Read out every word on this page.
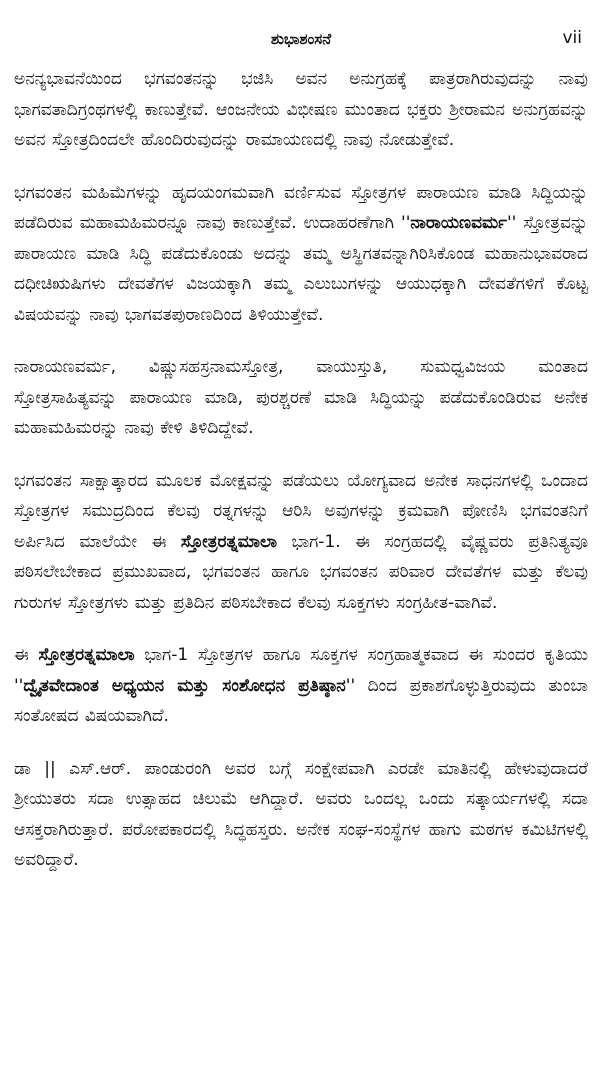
ಶುಭಾಶಂಸನೆ	vii

ಅನನ್ಯಭಾವನೆಯಿಂದ ಭಗವಂತನನ್ನು ಭಜಿಸಿ ಅವನ ಅನುಗ್ರಹಕ್ಕೆ ಪಾತ್ರರಾಗಿರುವುದನ್ನು ನಾವು ಭಾಗವತಾದಿಗ್ರಂಥಗಳಲ್ಲಿ ಕಾಣುತ್ತೇವೆ. ಆಂಜನೇಯ ವಿಭೀಷಣ ಮುಂತಾದ ಭಕ್ತರು ಶ್ರೀರಾಮನ ಅನುಗ್ರಹವನ್ನು ಅವನ ಸ್ತೋತ್ರದಿಂದಲೇ ಹೊಂದಿರುವುದನ್ನು ರಾಮಾಯಣದಲ್ಲಿ ನಾವು ನೋಡುತ್ತೇವೆ.

ಭಗವಂತನ ಮಹಿಮೆಗಳನ್ನು ಹೃದಯಂಗಮವಾಗಿ ವರ್ಣಿಸುವ ಸ್ತೋತ್ರಗಳ ಪಾರಾಯಣ ಮಾಡಿ ಸಿದ್ಧಿಯನ್ನು ಪಡೆದಿರುವ ಮಹಾಮಹಿಮರನ್ನೂ ನಾವು ಕಾಣುತ್ತೇವೆ. ಉದಾಹರಣೆಗಾಗಿ ''ನಾರಾಯಣವರ್ಮ'' ಸ್ತೋತ್ರವನ್ನು ಪಾರಾಯಣ ಮಾಡಿ ಸಿದ್ಧಿ ಪಡೆದುಕೊಂಡು ಅದನ್ನು ತಮ್ಮ ಅಸ್ಥಿಗತವನ್ನಾಗಿರಿಸಿಕೊಂಡ ಮಹಾನುಭಾವರಾದ ದಧೀಚಿಋಷಿಗಳು ದೇವತೆಗಳ ವಿಜಯಕ್ಕಾಗಿ ತಮ್ಮ ಎಲುಬುಗಳನ್ನು ಆಯುಧಕ್ಕಾಗಿ ದೇವತೆಗಳಿಗೆ ಕೊಟ್ಟ ವಿಷಯವನ್ನು ನಾವು ಭಾಗವತಪುರಾಣದಿಂದ ತಿಳಿಯುತ್ತೇವೆ.

ನಾರಾಯಣವರ್ಮ, ವಿಷ್ಣುಸಹಸ್ರನಾಮಸ್ತೋತ್ರ, ವಾಯುಸ್ತುತಿ, ಸುಮಧ್ವವಿಜಯ ಮಂತಾದ ಸ್ತೋತ್ರಸಾಹಿತ್ಯವನ್ನು ಪಾರಾಯಣ ಮಾಡಿ, ಪುರಶ್ಚರಣೆ ಮಾಡಿ ಸಿದ್ಧಿಯನ್ನು ಪಡೆದುಕೊಂಡಿರುವ ಅನೇಕ ಮಹಾಮಹಿಮರನ್ನು ನಾವು ಕೇಳಿ ತಿಳಿದಿದ್ದೇವೆ.

ಭಗವಂತನ ಸಾಕ್ಷಾತ್ಕಾರದ ಮೂಲಕ ಮೋಕ್ಷವನ್ನು ಪಡೆಯಲು ಯೋಗ್ಯವಾದ ಅನೇಕ ಸಾಧನಗಳಲ್ಲಿ ಒಂದಾದ ಸ್ತೋತ್ರಗಳ ಸಮುದ್ರದಿಂದ ಕೆಲವು ರತ್ನಗಳನ್ನು ಆರಿಸಿ ಅವುಗಳನ್ನು ಕ್ರಮವಾಗಿ ಪೋಣಿಸಿ ಭಗವಂತನಿಗೆ ಅರ್ಪಿಸಿದ ಮಾಲೆಯೇ ಈ ಸ್ತೋತ್ರರತ್ನಮಾಲಾ ಭಾಗ-1. ಈ ಸಂಗ್ರಹದಲ್ಲಿ ವೈಷ್ಣವರು ಪ್ರತಿನಿತ್ಯವೂ ಪಠಿಸಲೇಬೇಕಾದ ಪ್ರಮುಖವಾದ, ಭಗವಂತನ ಹಾಗೂ ಭಗವಂತನ ಪರಿವಾರ ದೇವತೆಗಳ ಮತ್ತು ಕೆಲವು ಗುರುಗಳ ಸ್ತೋತ್ರಗಳು ಮತ್ತು ಪ್ರತಿದಿನ ಪಠಿಸಬೇಕಾದ ಕೆಲವು ಸೂಕ್ತಗಳು ಸಂಗ್ರಹೀತ-ವಾಗಿವೆ.

ಈ ಸ್ತೋತ್ರರತ್ನಮಾಲಾ ಭಾಗ-1 ಸ್ತೋತ್ರಗಳ ಹಾಗೂ ಸೂಕ್ತಗಳ ಸಂಗ್ರಹಾತ್ಮಕವಾದ ಈ ಸುಂದರ ಕೃತಿಯು ''ದ್ವೈತವೇದಾಂತ ಅಧ್ಯಯನ ಮತ್ತು ಸಂಶೋಧನ ಪ್ರತಿಷ್ಠಾನ'' ದಿಂದ ಪ್ರಕಾಶಗೊಳ್ಳುತ್ತಿರುವುದು ತುಂಬಾ ಸಂತೋಷದ ವಿಷಯವಾಗಿದೆ.

ಡಾ || ಎಸ್.ಆರ್. ಪಾಂಡುರಂಗಿ ಅವರ ಬಗ್ಗೆ ಸಂಕ್ಷೇಪವಾಗಿ ಎರಡೇ ಮಾತಿನಲ್ಲಿ ಹೇಳುವುದಾದರೆ ಶ್ರೀಯುತರು ಸದಾ ಉತ್ಸಾಹದ ಚಿಲುಮೆ ಆಗಿದ್ದಾರೆ. ಅವರು ಒಂದಲ್ಲ ಒಂದು ಸತ್ಕಾರ್ಯಗಳಲ್ಲಿ ಸದಾ ಆಸಕ್ತರಾಗಿರುತ್ತಾರೆ. ಪರೋಪಕಾರದಲ್ಲಿ ಸಿದ್ಧಹಸ್ತರು. ಅನೇಕ ಸಂಘ-ಸಂಸ್ಥೆಗಳ ಹಾಗು ಮಠಗಳ ಕಮಿಟಿಗಳಲ್ಲಿ ಅವರಿದ್ದಾರೆ.
